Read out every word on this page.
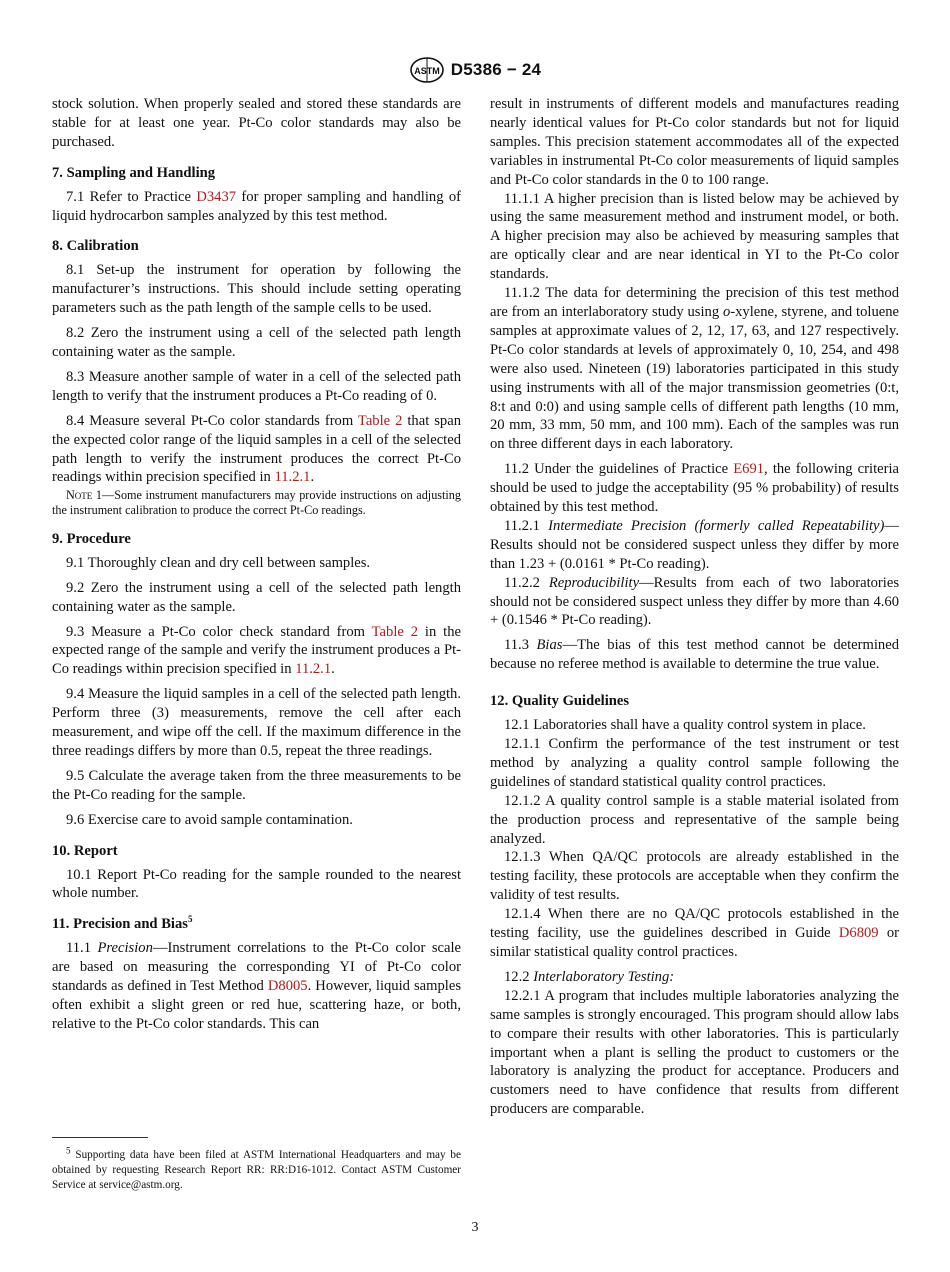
ASTM D5386 − 24

stock solution. When properly sealed and stored these standards are stable for at least one year. Pt-Co color standards may also be purchased.

7. Sampling and Handling

7.1 Refer to Practice D3437 for proper sampling and handling of liquid hydrocarbon samples analyzed by this test method.

8. Calibration

8.1 Set-up the instrument for operation by following the manufacturer’s instructions. This should include setting operating parameters such as the path length of the sample cells to be used.

8.2 Zero the instrument using a cell of the selected path length containing water as the sample.

8.3 Measure another sample of water in a cell of the selected path length to verify that the instrument produces a Pt-Co reading of 0.

8.4 Measure several Pt-Co color standards from Table 2 that span the expected color range of the liquid samples in a cell of the selected path length to verify the instrument produces the correct Pt-Co readings within precision specified in 11.2.1.

Note 1—Some instrument manufacturers may provide instructions on adjusting the instrument calibration to produce the correct Pt-Co readings.

9. Procedure

9.1 Thoroughly clean and dry cell between samples.

9.2 Zero the instrument using a cell of the selected path length containing water as the sample.

9.3 Measure a Pt-Co color check standard from Table 2 in the expected range of the sample and verify the instrument produces a Pt-Co readings within precision specified in 11.2.1.

9.4 Measure the liquid samples in a cell of the selected path length. Perform three (3) measurements, remove the cell after each measurement, and wipe off the cell. If the maximum difference in the three readings differs by more than 0.5, repeat the three readings.

9.5 Calculate the average taken from the three measurements to be the Pt-Co reading for the sample.

9.6 Exercise care to avoid sample contamination.

10. Report

10.1 Report Pt-Co reading for the sample rounded to the nearest whole number.

11. Precision and Bias$^5$

11.1 Precision—Instrument correlations to the Pt-Co color scale are based on measuring the corresponding YI of Pt-Co color standards as defined in Test Method D8005. However, liquid samples often exhibit a slight green or red hue, scattering haze, or both, relative to the Pt-Co color standards. This can

$^5$ Supporting data have been filed at ASTM International Headquarters and may be obtained by requesting Research Report RR: RR:D16-1012. Contact ASTM Customer Service at service@astm.org.

result in instruments of different models and manufactures reading nearly identical values for Pt-Co color standards but not for liquid samples. This precision statement accommodates all of the expected variables in instrumental Pt-Co color measurements of liquid samples and Pt-Co color standards in the 0 to 100 range.

11.1.1 A higher precision than is listed below may be achieved by using the same measurement method and instrument model, or both. A higher precision may also be achieved by measuring samples that are optically clear and are near identical in YI to the Pt-Co color standards.

11.1.2 The data for determining the precision of this test method are from an interlaboratory study using o-xylene, styrene, and toluene samples at approximate values of 2, 12, 17, 63, and 127 respectively. Pt-Co color standards at levels of approximately 0, 10, 254, and 498 were also used. Nineteen (19) laboratories participated in this study using instruments with all of the major transmission geometries (0:t, 8:t and 0:0) and using sample cells of different path lengths (10 mm, 20 mm, 33 mm, 50 mm, and 100 mm). Each of the samples was run on three different days in each laboratory.

11.2 Under the guidelines of Practice E691, the following criteria should be used to judge the acceptability (95 % probability) of results obtained by this test method.

11.2.1 Intermediate Precision (formerly called Repeatability)—Results should not be considered suspect unless they differ by more than 1.23 + (0.0161 * Pt-Co reading).

11.2.2 Reproducibility—Results from each of two laboratories should not be considered suspect unless they differ by more than 4.60 + (0.1546 * Pt-Co reading).

11.3 Bias—The bias of this test method cannot be determined because no referee method is available to determine the true value.

12. Quality Guidelines

12.1 Laboratories shall have a quality control system in place.

12.1.1 Confirm the performance of the test instrument or test method by analyzing a quality control sample following the guidelines of standard statistical quality control practices.

12.1.2 A quality control sample is a stable material isolated from the production process and representative of the sample being analyzed.

12.1.3 When QA/QC protocols are already established in the testing facility, these protocols are acceptable when they confirm the validity of test results.

12.1.4 When there are no QA/QC protocols established in the testing facility, use the guidelines described in Guide D6809 or similar statistical quality control practices.

12.2 Interlaboratory Testing:

12.2.1 A program that includes multiple laboratories analyzing the same samples is strongly encouraged. This program should allow labs to compare their results with other laboratories. This is particularly important when a plant is selling the product to customers or the laboratory is analyzing the product for acceptance. Producers and customers need to have confidence that results from different producers are comparable.

3
